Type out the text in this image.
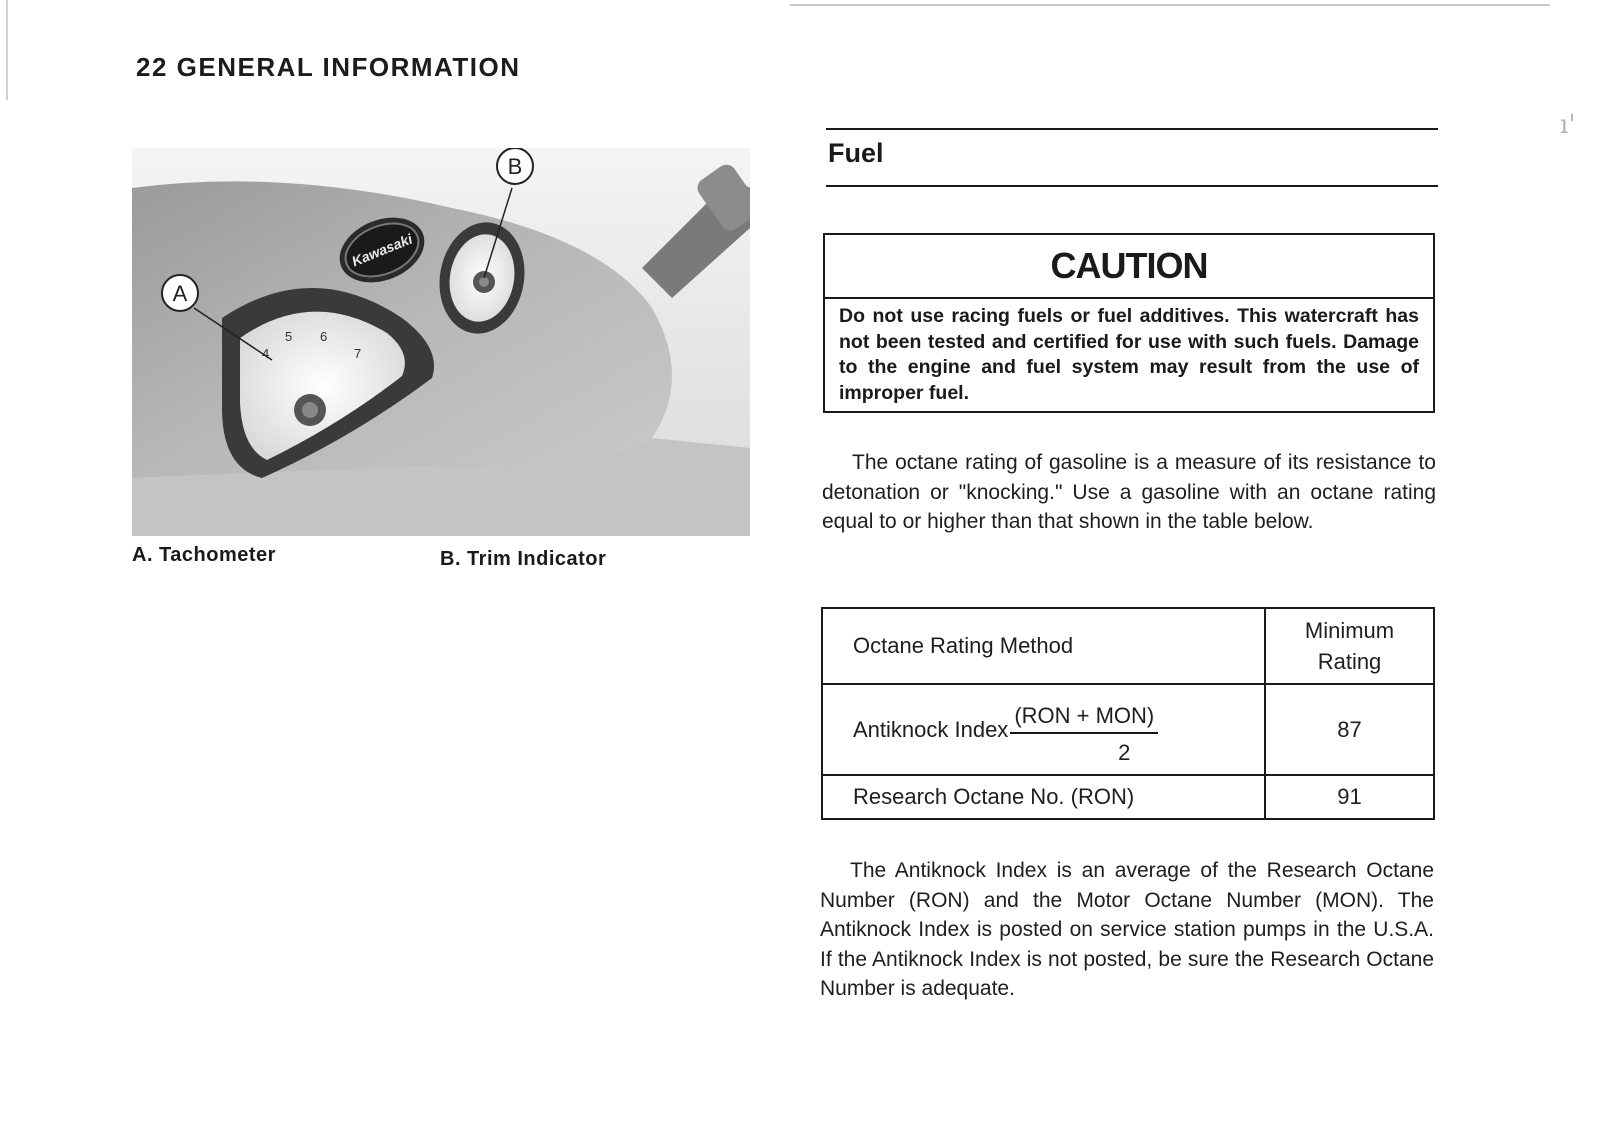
ı'
22 GENERAL INFORMATION
4
5 6
7
Kawasaki
A
B
A. Tachometer	B. Trim Indicator
Fuel
CAUTION
Do not use racing fuels or fuel additives. This watercraft has not been tested and certified for use with such fuels. Damage to the engine and fuel system may result from the use of improper fuel.
The octane rating of gasoline is a measure of its resistance to detonation or "knocking." Use a gasoline with an octane rating equal to or higher than that shown in the table below.
Octane Rating Method	Minimum
Rating

Antiknock Index $\frac{\text{(RON + MON)}}{2}$	87
Research Octane No. (RON)	91
The Antiknock Index is an average of the Research Octane Number (RON) and the Motor Octane Number (MON). The Antiknock Index is posted on service station pumps in the U.S.A. If the Antiknock Index is not posted, be sure the Research Octane Number is adequate.
